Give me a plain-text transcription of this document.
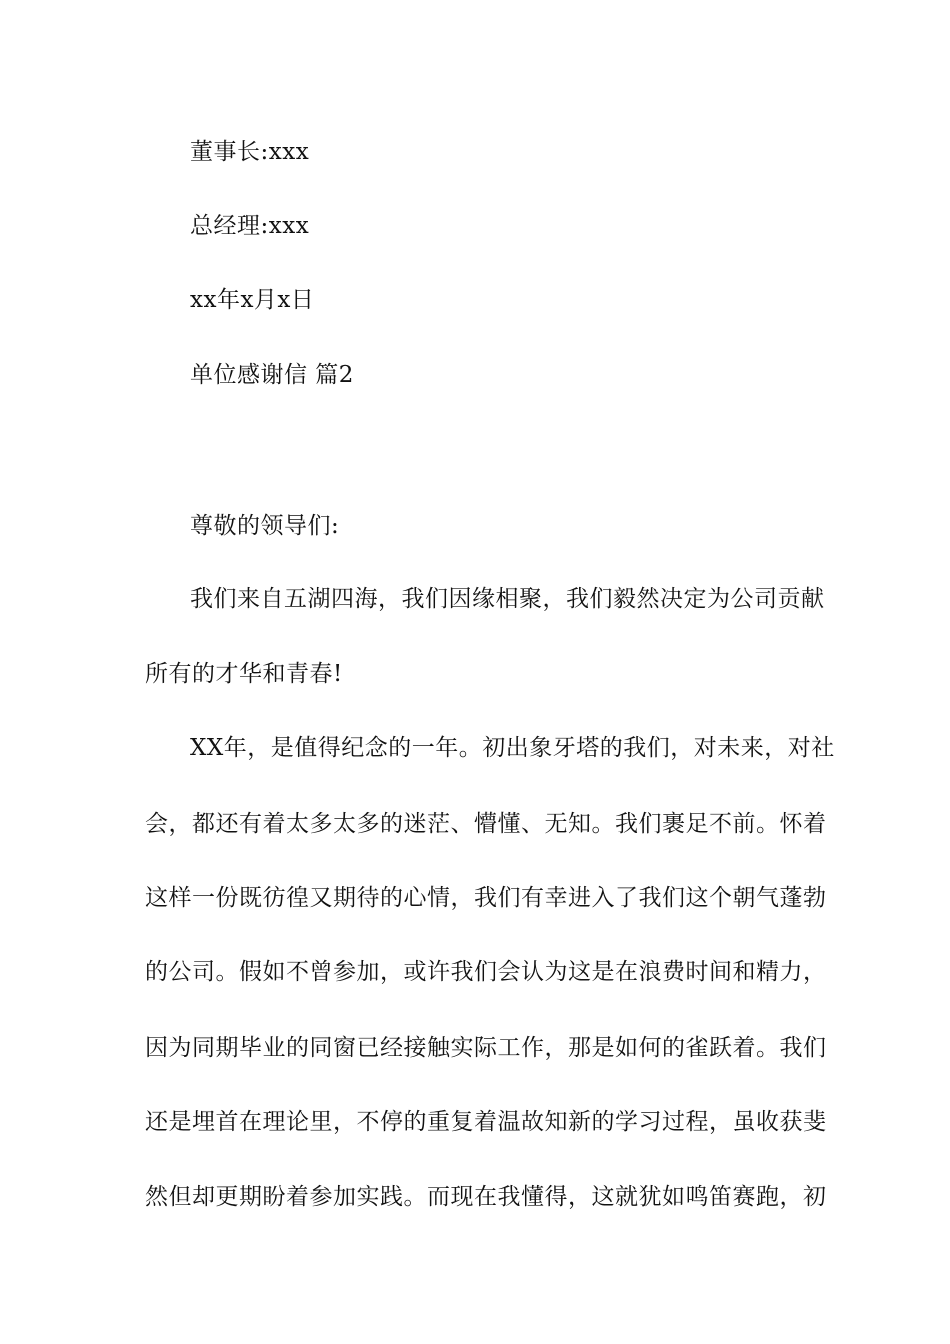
董事长:xxx
总经理:xxx
xx年x月x日
单位感谢信 篇2
尊敬的领导们:
我们来自五湖四海，我们因缘相聚，我们毅然决定为公司贡献
所有的才华和青春!
XX年，是值得纪念的一年。初出象牙塔的我们，对未来，对社
会，都还有着太多太多的迷茫、懵懂、无知。我们裹足不前。怀着
这样一份既彷徨又期待的心情，我们有幸进入了我们这个朝气蓬勃
的公司。假如不曾参加，或许我们会认为这是在浪费时间和精力，
因为同期毕业的同窗已经接触实际工作，那是如何的雀跃着。我们
还是埋首在理论里，不停的重复着温故知新的学习过程，虽收获斐
然但却更期盼着参加实践。而现在我懂得，这就犹如鸣笛赛跑，初
